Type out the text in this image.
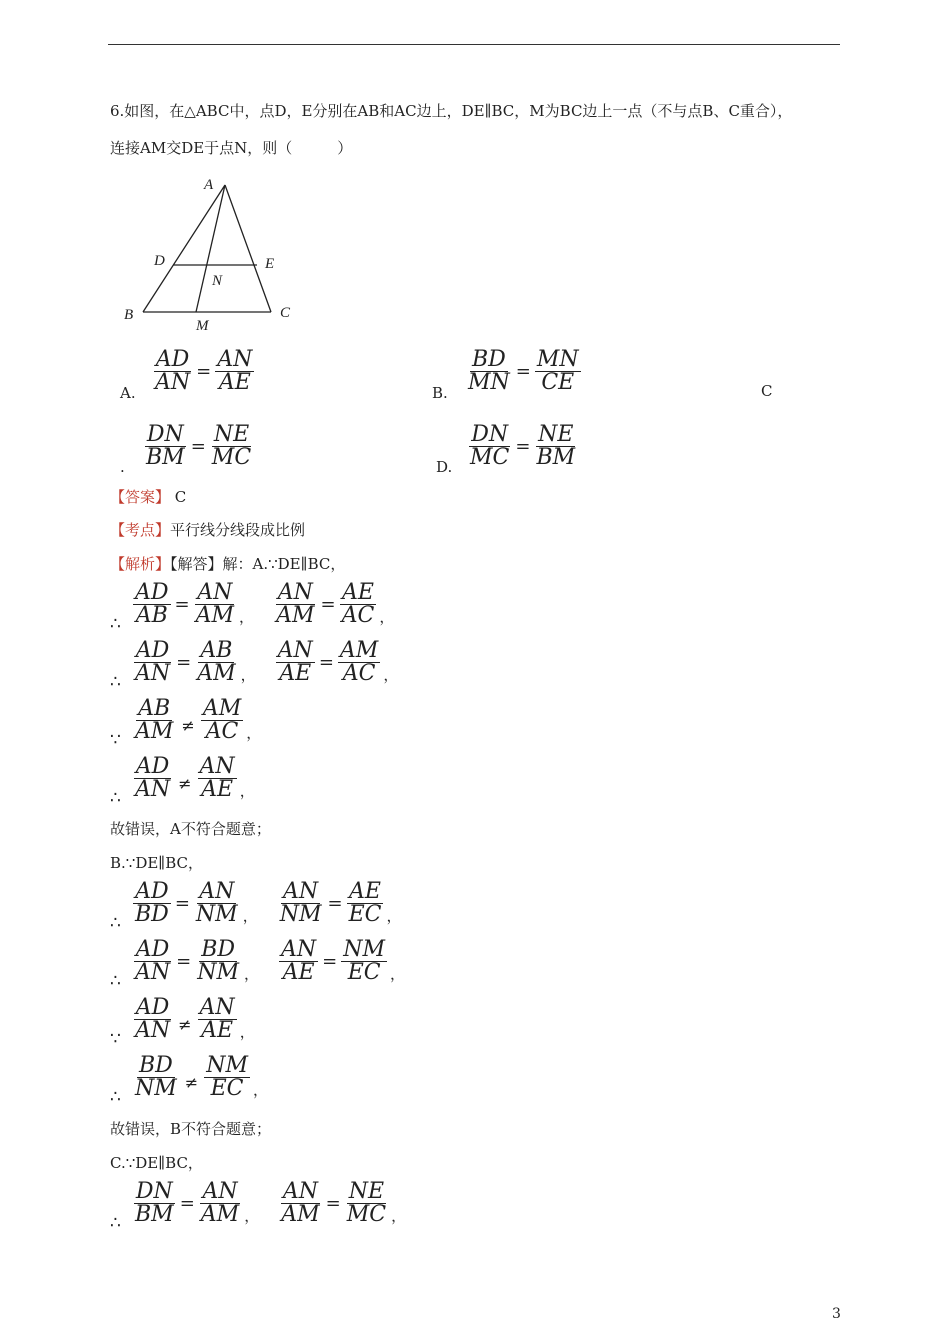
6.如图，在△ABC中，点D，E分别在AB和AC边上，DE∥BC，M为BC边上一点（不与点B、C重合），
连接AM交DE于点N，则（　　　）
A
D	E
N
B	C
M
A. $\frac{AD}{AN} = \frac{AN}{AE}$	B. $\frac{BD}{MN} = \frac{MN}{CE}$	C
. $\frac{DN}{BM} = \frac{NE}{MC}$	D. $\frac{DN}{MC} = \frac{NE}{BM}$
【答案】 C
【考点】平行线分线段成比例
【解析】【解答】解：A.∵DE∥BC，
∴ $\frac{AD}{AB} = \frac{AN}{AM}$ ， $\frac{AN}{AM} = \frac{AE}{AC}$ ，
∴ $\frac{AD}{AN} = \frac{AB}{AM}$ ， $\frac{AN}{AE} = \frac{AM}{AC}$ ，
∵
AB
AM ≠
AM
AC ，
∴
AD
AN ≠
AN
AE ，
故错误，A不符合题意；
B.∵DE∥BC，
∴ $\frac{AD}{BD} = \frac{AN}{NM}$ ， $\frac{AN}{NM} = \frac{AE}{EC}$ ，
∴ $\frac{AD}{AN} = \frac{BD}{NM}$ ， $\frac{AN}{AE} = \frac{NM}{EC}$ ，
∵
AD
AN ≠
AN
AE ，
∴
BD
NM ≠
NM
EC ，
故错误，B不符合题意；
C.∵DE∥BC，
∴ $\frac{DN}{BM} = \frac{AN}{AM}$ ， $\frac{AN}{AM} = \frac{NE}{MC}$ ，
3
